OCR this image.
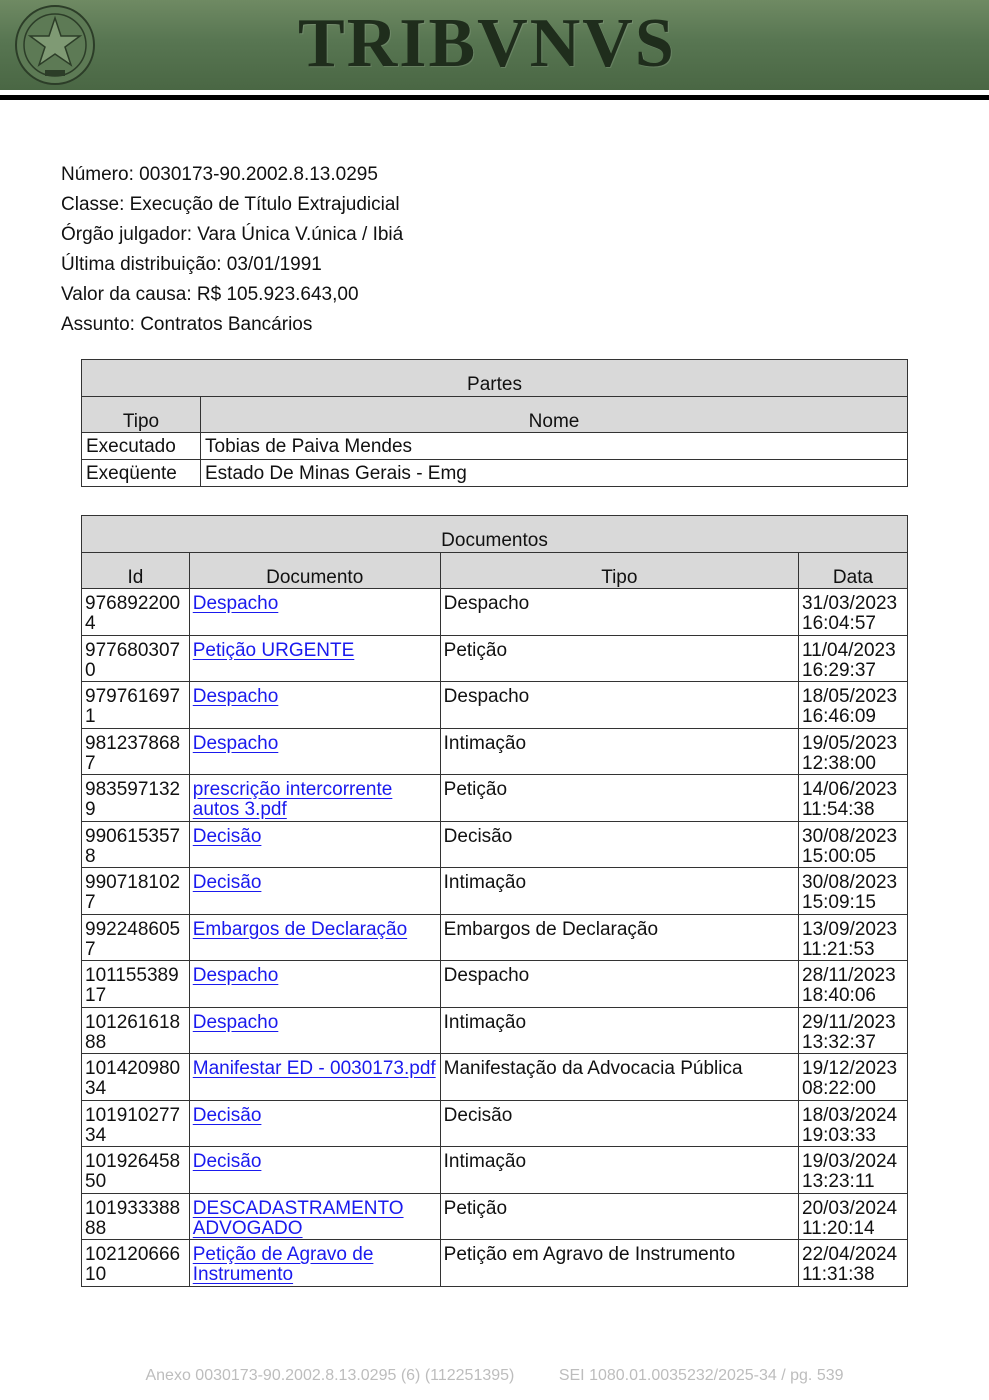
TRIBVNVS
Número: 0030173-90.2002.8.13.0295
Classe: Execução de Título Extrajudicial
Órgão julgador: Vara Única V.única / Ibiá
Última distribuição: 03/01/1991
Valor da causa: R$ 105.923.643,00
Assunto: Contratos Bancários
Partes	
Tipo	Nome
Executado	Tobias de Paiva Mendes
Exeqüente	Estado De Minas Gerais - Emg
Documentos			
Id	Documento	Tipo	Data
9768922004	Despacho	Despacho	31/03/2023
16:04:57

9776803070	Petição URGENTE	Petição	11/04/2023
16:29:37

9797616971	Despacho	Despacho	18/05/2023
16:46:09

9812378687	Despacho	Intimação	19/05/2023
12:38:00

9835971329	prescrição intercorrente autos 3.pdf	Petição	14/06/2023
11:54:38

9906153578	Decisão	Decisão	30/08/2023
15:00:05

9907181027	Decisão	Intimação	30/08/2023
15:09:15

9922486057	Embargos de Declaração	Embargos de Declaração	13/09/2023
11:21:53

10115538917	Despacho	Despacho	28/11/2023
18:40:06

10126161888	Despacho	Intimação	29/11/2023
13:32:37

10142098034	Manifestar ED - 0030173.pdf	Manifestação da Advocacia Pública	19/12/2023
08:22:00

10191027734	Decisão	Decisão	18/03/2024
19:03:33

10192645850	Decisão	Intimação	19/03/2024
13:23:11

10193338888	DESCADASTRAMENTO ADVOGADO	Petição	20/03/2024
11:20:14

10212066610	Petição de Agravo de Instrumento	Petição em Agravo de Instrumento	22/04/2024
11:31:38
Anexo 0030173-90.2002.8.13.0295 (6) (112251395)	SEI 1080.01.0035232/2025-34 / pg. 539
